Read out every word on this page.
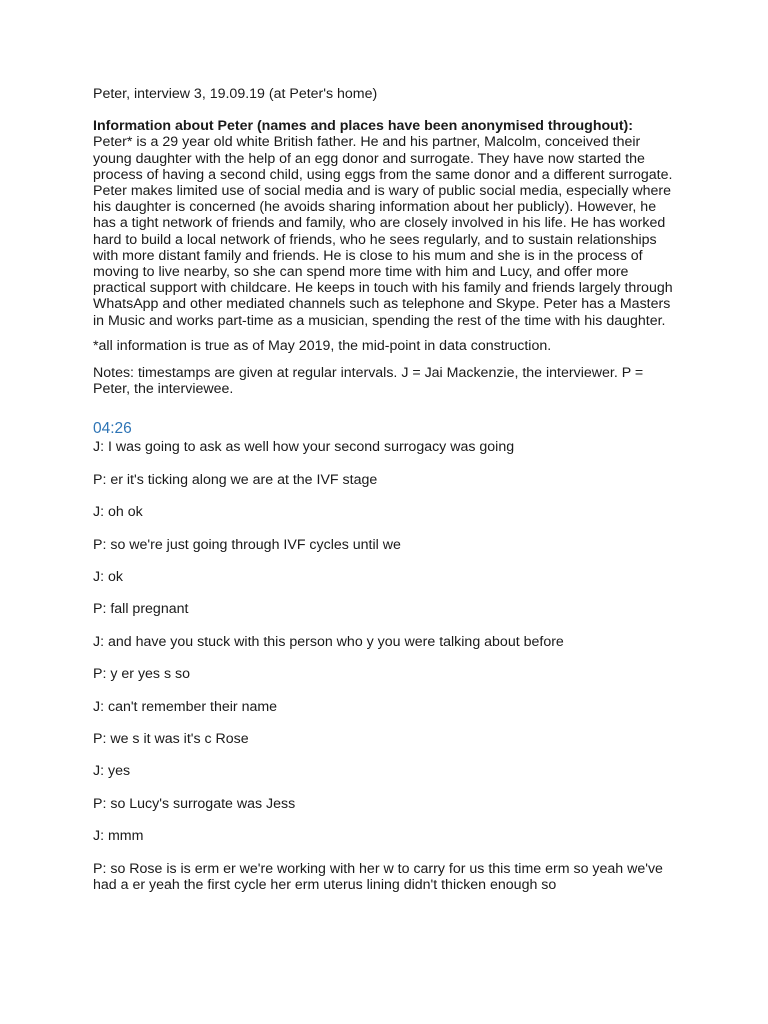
Peter, interview 3, 19.09.19 (at Peter's home)

Information about Peter (names and places have been anonymised throughout):

Peter* is a 29 year old white British father. He and his partner, Malcolm, conceived their young daughter with the help of an egg donor and surrogate. They have now started the process of having a second child, using eggs from the same donor and a different surrogate. Peter makes limited use of social media and is wary of public social media, especially where his daughter is concerned (he avoids sharing information about her publicly). However, he has a tight network of friends and family, who are closely involved in his life. He has worked hard to build a local network of friends, who he sees regularly, and to sustain relationships with more distant family and friends. He is close to his mum and she is in the process of moving to live nearby, so she can spend more time with him and Lucy, and offer more practical support with childcare. He keeps in touch with his family and friends largely through WhatsApp and other mediated channels such as telephone and Skype. Peter has a Masters in Music and works part-time as a musician, spending the rest of the time with his daughter.

*all information is true as of May 2019, the mid-point in data construction.

Notes: timestamps are given at regular intervals. J = Jai Mackenzie, the interviewer. P = Peter, the interviewee.

04:26

J: I was going to ask as well how your second surrogacy was going
P: er it's ticking along we are at the IVF stage
J: oh ok
P: so we're just going through IVF cycles until we
J: ok
P: fall pregnant
J: and have you stuck with this person who y you were talking about before
P: y er yes s so
J: can't remember their name
P: we s it was it's c Rose
J: yes
P: so Lucy's surrogate was Jess
J: mmm
P: so Rose is is erm er we're working with her w to carry for us this time erm so yeah we've had a er yeah the first cycle her erm uterus lining didn't thicken enough so
